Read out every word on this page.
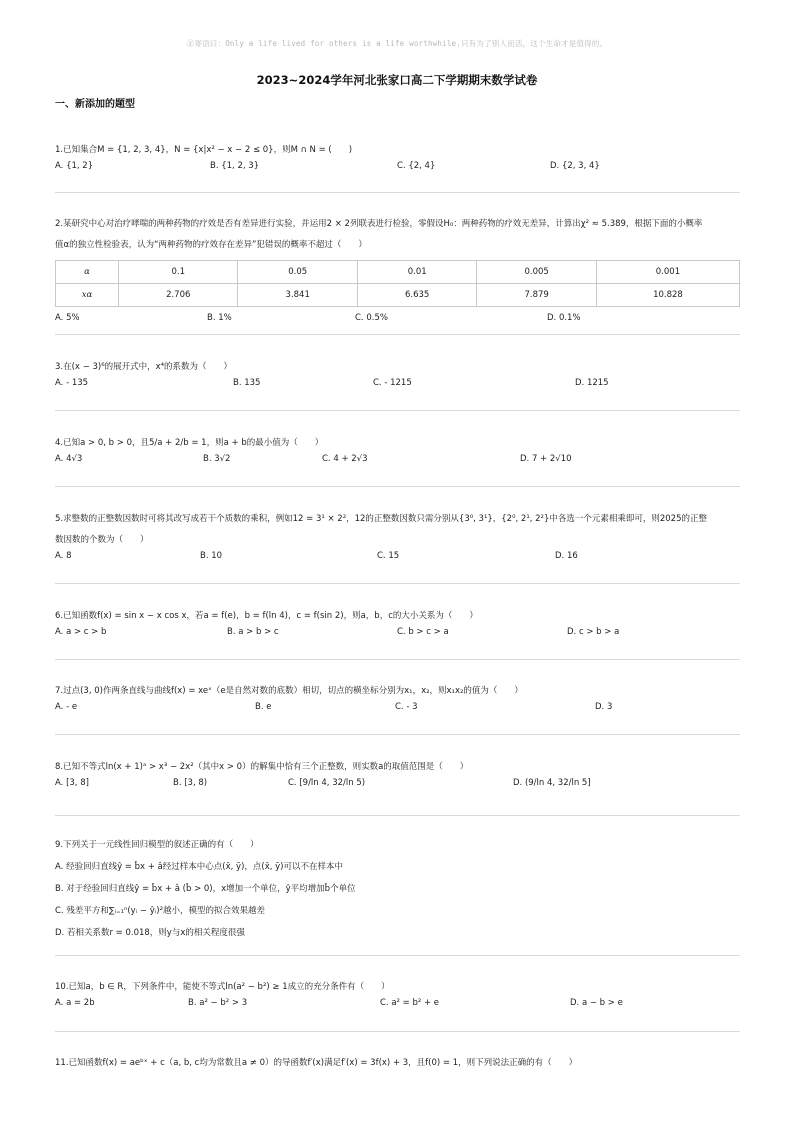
㊣寄语曰：Only a life lived for others is a life worthwhile.只有为了别人而活，这个生命才是值得的。
2023~2024学年河北张家口高二下学期期末数学试卷
一、新添加的题型
1.已知集合M = {1, 2, 3, 4}，N = {x|x² − x − 2 ≤ 0}，则M ∩ N = (　　)
A. {1, 2}	B. {1, 2, 3}	C. {2, 4}	D. {2, 3, 4}
2.某研究中心对治疗哮喘的两种药物的疗效是否有差异进行实验，并运用2 × 2列联表进行检验，零假设H₀：两种药物的疗效无差异，计算出χ² ≈ 5.389，根据下面的小概率
值α的独立性检验表，认为“两种药物的疗效存在差异”犯错误的概率不超过（　　）
α	0.1	0.05	0.01	0.005	0.001
xα	2.706	3.841	6.635	7.879	10.828
A. 5%	B. 1%	C. 0.5%	D. 0.1%
3.在(x − 3)⁶的展开式中，x⁴的系数为（　　）
A. - 135	B. 135	C. - 1215	D. 1215
4.已知a > 0, b > 0，且5/a + 2/b = 1，则a + b的最小值为（　　）
A. 4√3	B. 3√2	C. 4 + 2√3	D. 7 + 2√10
5.求整数的正整数因数时可将其改写成若干个质数的乘积，例如12 = 3¹ × 2²，12的正整数因数只需分别从{3⁰, 3¹}，{2⁰, 2¹, 2²}中各选一个元素相乘即可，则2025的正整
数因数的个数为（　　）
A. 8	B. 10	C. 15	D. 16
6.已知函数f(x) = sin x − x cos x，若a = f(e)，b = f(ln 4)，c = f(sin 2)，则a，b，c的大小关系为（　　）
A. a > c > b	B. a > b > c	C. b > c > a	D. c > b > a
7.过点(3, 0)作两条直线与曲线f(x) = xeˣ（e是自然对数的底数）相切，切点的横坐标分别为x₁，x₂，则x₁x₂的值为（　　）
A. - e	B. e	C. - 3	D. 3
8.已知不等式ln(x + 1)ᵃ > x³ − 2x²（其中x > 0）的解集中恰有三个正整数，则实数a的取值范围是（　　）
A. [3, 8]	B. [3, 8)	C. [9/ln 4, 32/ln 5)	D. (9/ln 4, 32/ln 5]
9.下列关于一元线性回归模型的叙述正确的有（　　）
A. 经验回归直线ŷ = b̂x + â经过样本中心点(x̄, ȳ)，点(x̄, ȳ)可以不在样本中
B. 对于经验回归直线ŷ = b̂x + â (b̂ > 0)，x增加一个单位，ŷ平均增加b̂个单位
C. 残差平方和∑ᵢ₌₁ⁿ(yᵢ − ŷᵢ)²越小，模型的拟合效果越差
D. 若相关系数r = 0.018，则y与x的相关程度很强
10.已知a，b ∈ R，下列条件中，能使不等式ln(a² − b²) ≥ 1成立的充分条件有（　　）
A. a = 2b	B. a² − b² > 3	C. a² = b² + e	D. a − b > e
11.已知函数f(x) = aeᵇˣ + c（a, b, c均为常数且a ≠ 0）的导函数f′(x)满足f′(x) = 3f(x) + 3，且f(0) = 1，则下列说法正确的有（　　）
